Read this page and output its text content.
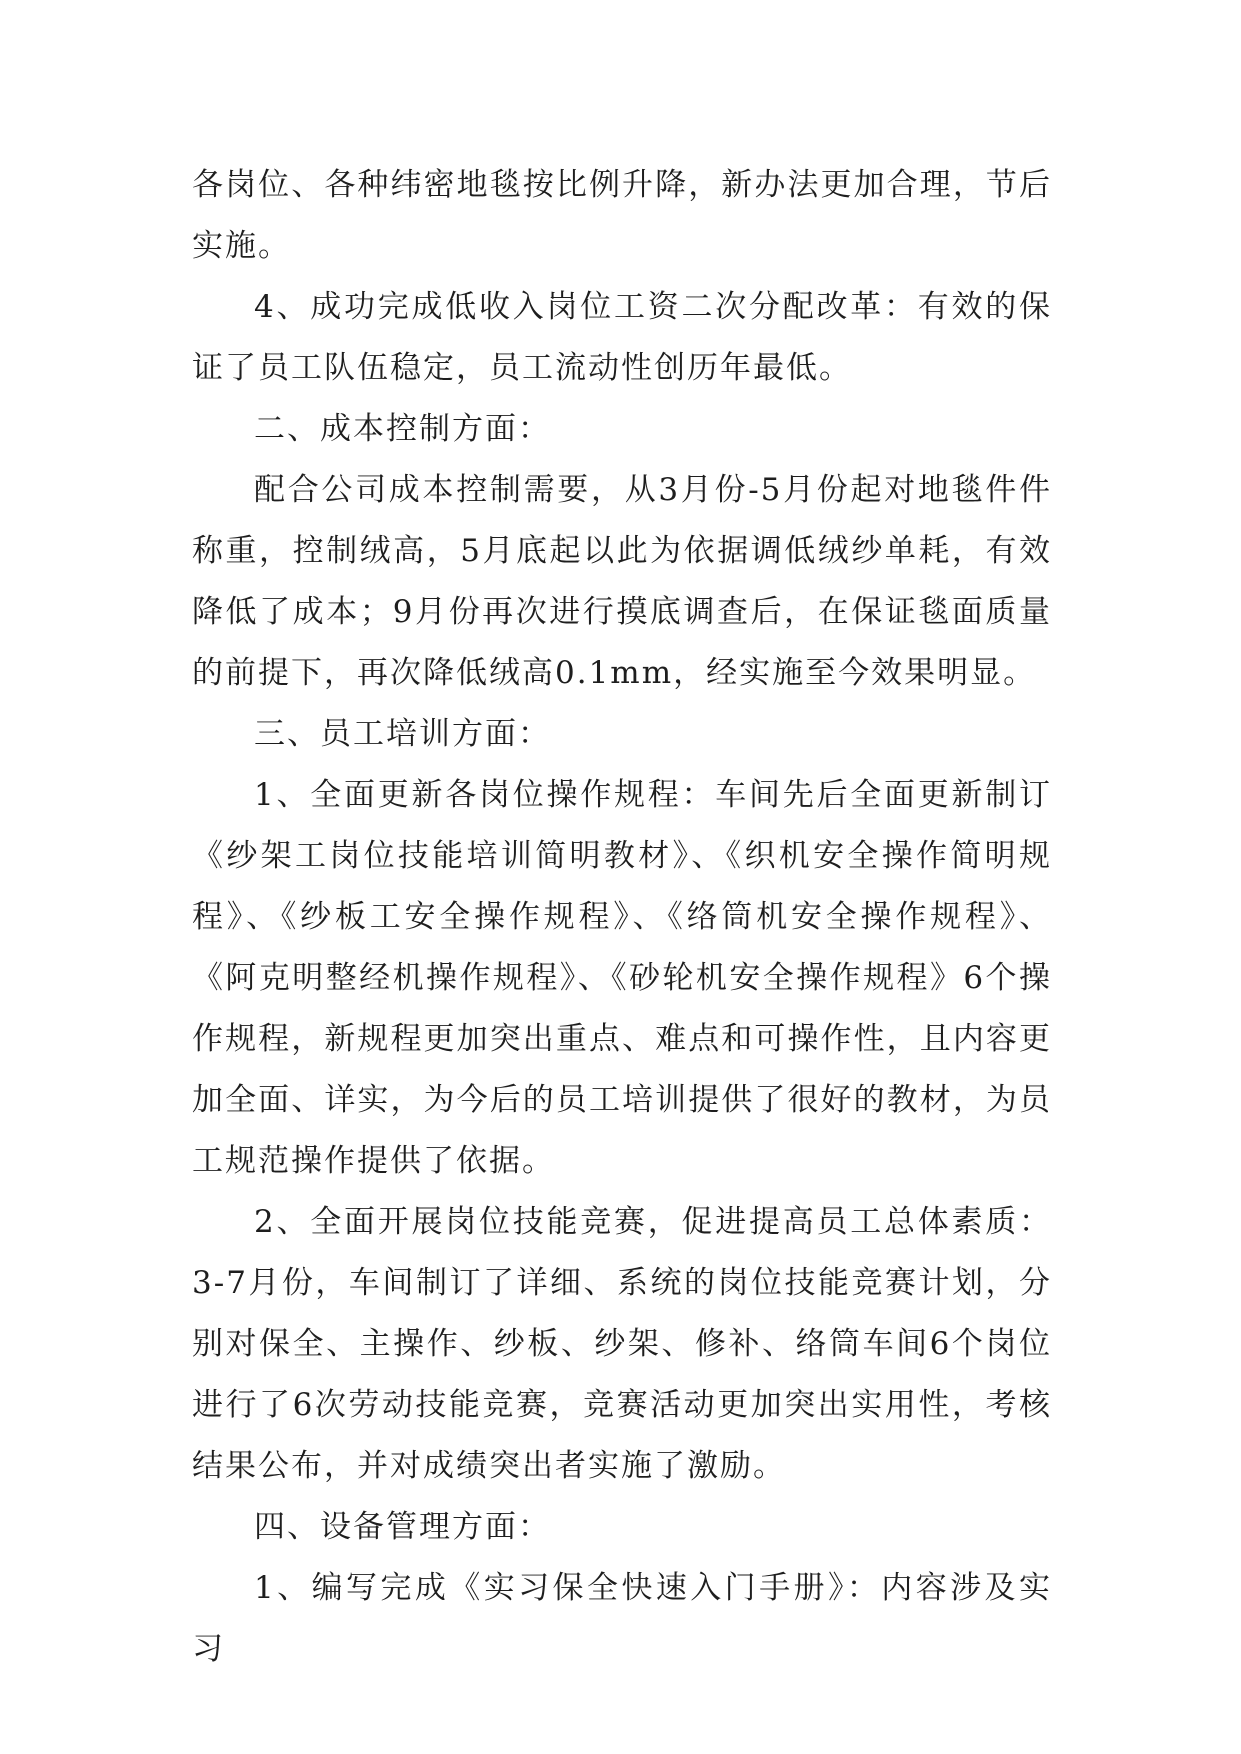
各岗位、各种纬密地毯按比例升降，新办法更加合理，节后实施。

4、成功完成低收入岗位工资二次分配改革：有效的保证了员工队伍稳定，员工流动性创历年最低。

二、成本控制方面：

配合公司成本控制需要，从3月份-5月份起对地毯件件称重，控制绒高，5月底起以此为依据调低绒纱单耗，有效降低了成本；9月份再次进行摸底调查后，在保证毯面质量的前提下，再次降低绒高0.1mm，经实施至今效果明显。

三、员工培训方面：

1、全面更新各岗位操作规程：车间先后全面更新制订《纱架工岗位技能培训简明教材》、《织机安全操作简明规程》、《纱板工安全操作规程》、《络筒机安全操作规程》、《阿克明整经机操作规程》、《砂轮机安全操作规程》6个操作规程，新规程更加突出重点、难点和可操作性，且内容更加全面、详实，为今后的员工培训提供了很好的教材，为员工规范操作提供了依据。

2、全面开展岗位技能竞赛，促进提高员工总体素质：3-7月份，车间制订了详细、系统的岗位技能竞赛计划，分别对保全、主操作、纱板、纱架、修补、络筒车间6个岗位进行了6次劳动技能竞赛，竞赛活动更加突出实用性，考核结果公布，并对成绩突出者实施了激励。

四、设备管理方面：

1、编写完成《实习保全快速入门手册》：内容涉及实习
